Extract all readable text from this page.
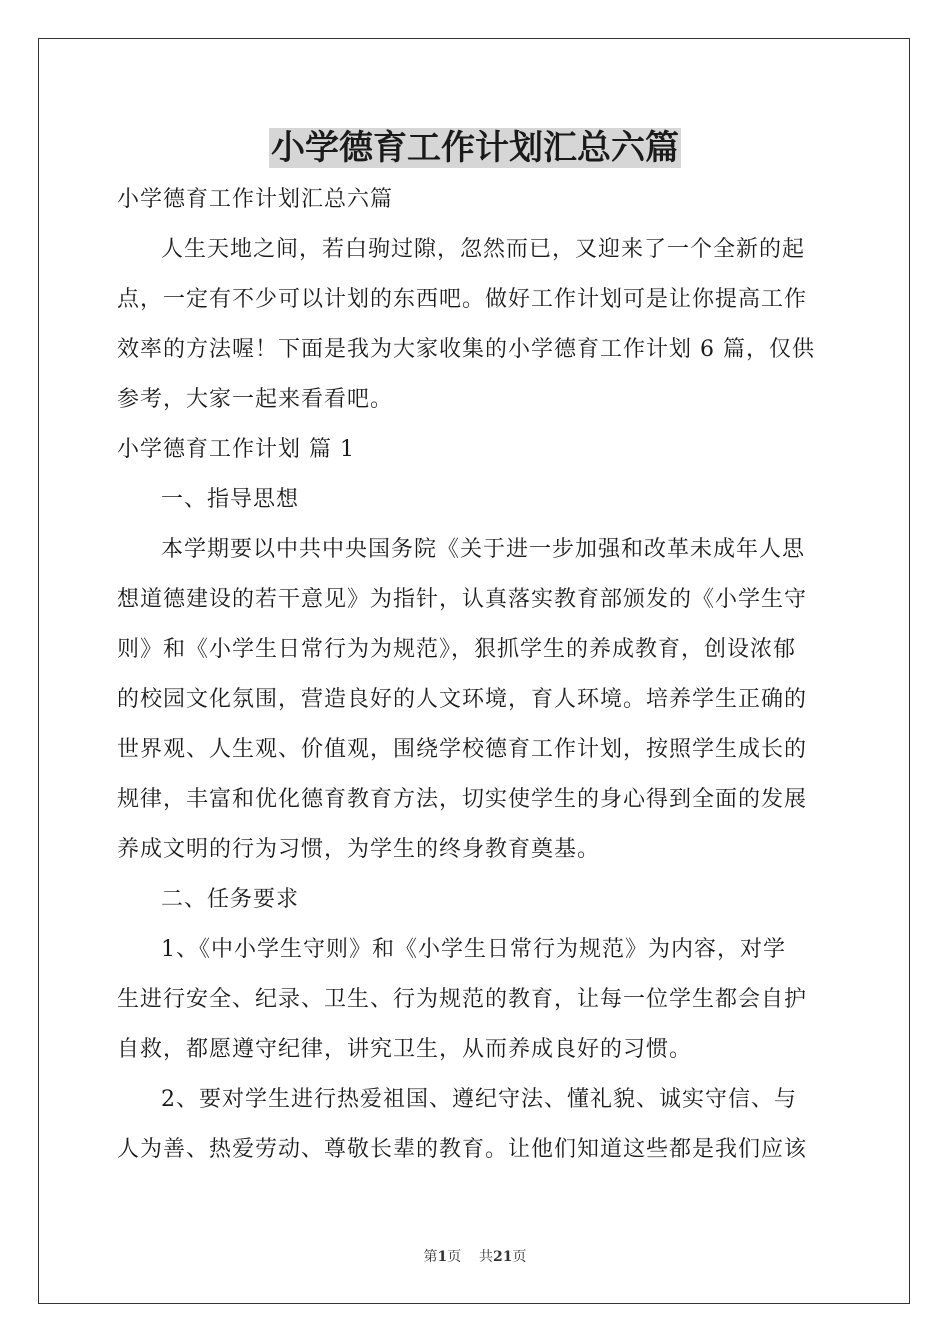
小学德育工作计划汇总六篇

小学德育工作计划汇总六篇

人生天地之间，若白驹过隙，忽然而已，又迎来了一个全新的起

点，一定有不少可以计划的东西吧。做好工作计划可是让你提高工作

效率的方法喔！下面是我为大家收集的小学德育工作计划 6 篇，仅供

参考，大家一起来看看吧。

小学德育工作计划 篇 1

一、指导思想

本学期要以中共中央国务院《关于进一步加强和改革未成年人思

想道德建设的若干意见》为指针，认真落实教育部颁发的《小学生守

则》和《小学生日常行为为规范》，狠抓学生的养成教育，创设浓郁

的校园文化氛围，营造良好的人文环境，育人环境。培养学生正确的

世界观、人生观、价值观，围绕学校德育工作计划，按照学生成长的

规律，丰富和优化德育教育方法，切实使学生的身心得到全面的发展

养成文明的行为习惯，为学生的终身教育奠基。

二、任务要求

1、《中小学生守则》和《小学生日常行为规范》为内容，对学

生进行安全、纪录、卫生、行为规范的教育，让每一位学生都会自护

自救，都愿遵守纪律，讲究卫生，从而养成良好的习惯。

2、要对学生进行热爱祖国、遵纪守法、懂礼貌、诚实守信、与

人为善、热爱劳动、尊敬长辈的教育。让他们知道这些都是我们应该

第1页 共21页
